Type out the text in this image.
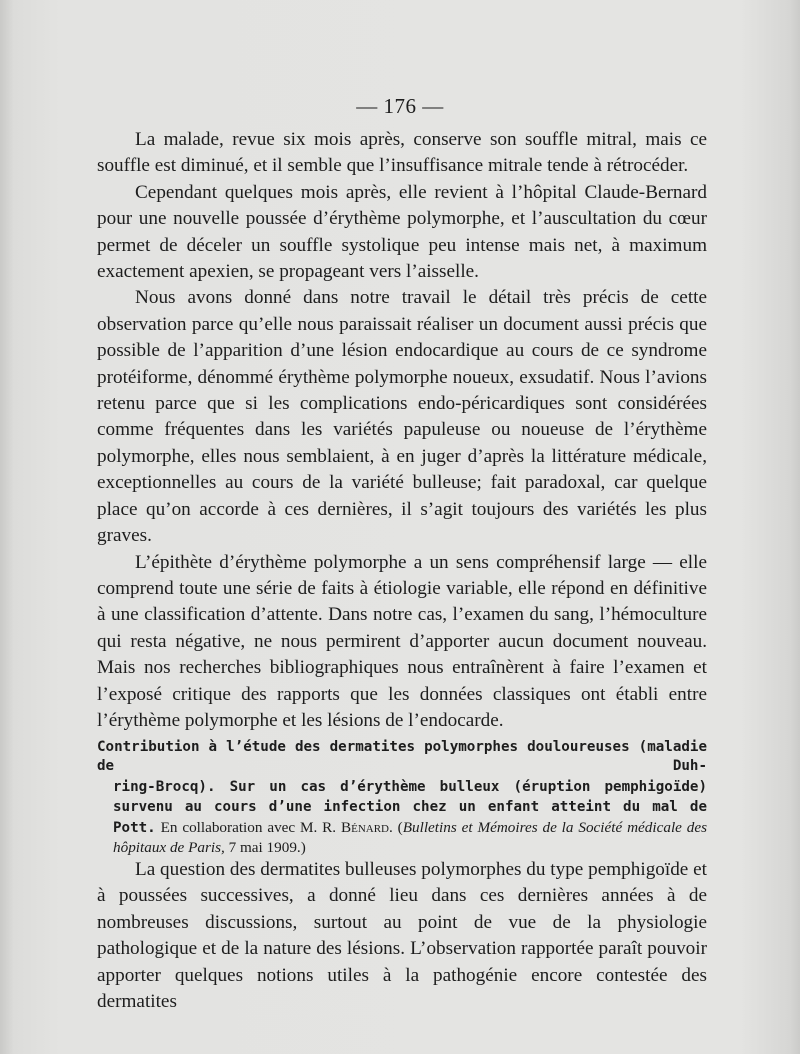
— 176 —

La malade, revue six mois après, conserve son souffle mitral, mais ce souffle est diminué, et il semble que l’insuffisance mitrale tende à rétrocéder.

Cependant quelques mois après, elle revient à l’hôpital Claude-Bernard pour une nouvelle poussée d’érythème polymorphe, et l’auscultation du cœur permet de déceler un souffle systolique peu intense mais net, à maximum exactement apexien, se propageant vers l’aisselle.

Nous avons donné dans notre travail le détail très précis de cette observation parce qu’elle nous paraissait réaliser un document aussi précis que possible de l’apparition d’une lésion endocardique au cours de ce syndrome protéiforme, dénommé érythème polymorphe noueux, exsudatif. Nous l’avions retenu parce que si les complications endo-péricardiques sont considérées comme fréquentes dans les variétés papuleuse ou noueuse de l’érythème polymorphe, elles nous semblaient, à en juger d’après la littérature médicale, exceptionnelles au cours de la variété bulleuse; fait paradoxal, car quelque place qu’on accorde à ces dernières, il s’agit toujours des variétés les plus graves.

L’épithète d’érythème polymorphe a un sens compréhensif large — elle comprend toute une série de faits à étiologie variable, elle répond en définitive à une classification d’attente. Dans notre cas, l’examen du sang, l’hémoculture qui resta négative, ne nous permirent d’apporter aucun document nouveau. Mais nos recherches bibliographiques nous entraînèrent à faire l’examen et l’exposé critique des rapports que les données classiques ont établi entre l’érythème polymorphe et les lésions de l’endocarde.

Contribution à l’étude des dermatites polymorphes douloureuses (maladie de Duh-

ring-Brocq). Sur un cas d’érythème bulleux (éruption pemphigoïde) survenu au cours d’une infection chez un enfant atteint du mal de Pott. En collaboration avec M. R. Bénard. (Bulletins et Mémoires de la Société médicale des hôpitaux de Paris, 7 mai 1909.)

La question des dermatites bulleuses polymorphes du type pemphigoïde et à poussées successives, a donné lieu dans ces dernières années à de nombreuses discussions, surtout au point de vue de la physiologie pathologique et de la nature des lésions. L’observation rapportée paraît pouvoir apporter quelques notions utiles à la pathogénie encore contestée des dermatites
